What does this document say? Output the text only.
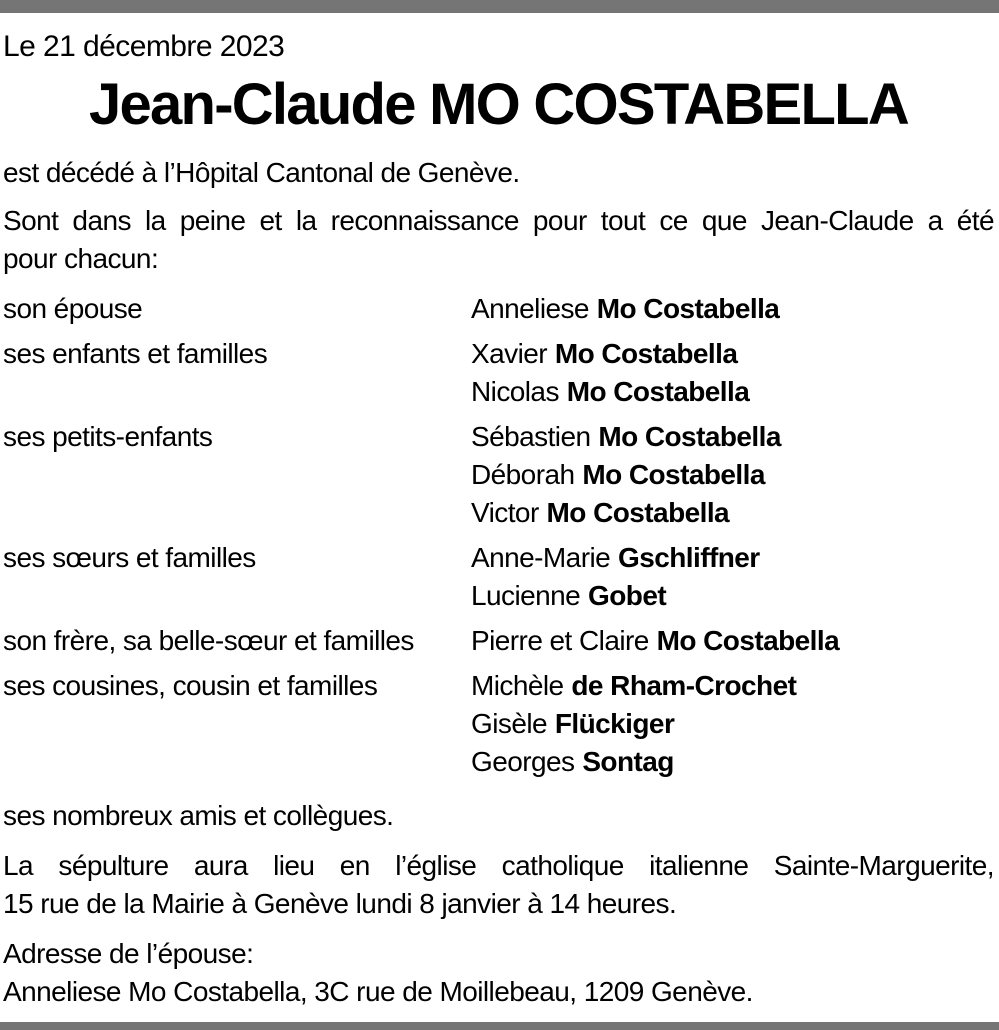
Le 21 décembre 2023
Jean-Claude MO COSTABELLA
est décédé à l’Hôpital Cantonal de Genève.
Sont dans la peine et la reconnaissance pour tout ce que Jean-Claude a été
pour chacun:
son épouse	Anneliese Mo Costabella
ses enfants et familles	Xavier Mo Costabella
Nicolas Mo Costabella
ses petits-enfants	Sébastien Mo Costabella
Déborah Mo Costabella
Victor Mo Costabella
ses sœurs et familles	Anne-Marie Gschliffner
Lucienne Gobet
son frère, sa belle-sœur et familles	Pierre et Claire Mo Costabella
ses cousines, cousin et familles	Michèle de Rham-Crochet
Gisèle Flückiger
Georges Sontag
ses nombreux amis et collègues.
La sépulture aura lieu en l’église catholique italienne Sainte-Marguerite,
15 rue de la Mairie à Genève lundi 8 janvier à 14 heures.
Adresse de l’épouse:
Anneliese Mo Costabella, 3C rue de Moillebeau, 1209 Genève.
